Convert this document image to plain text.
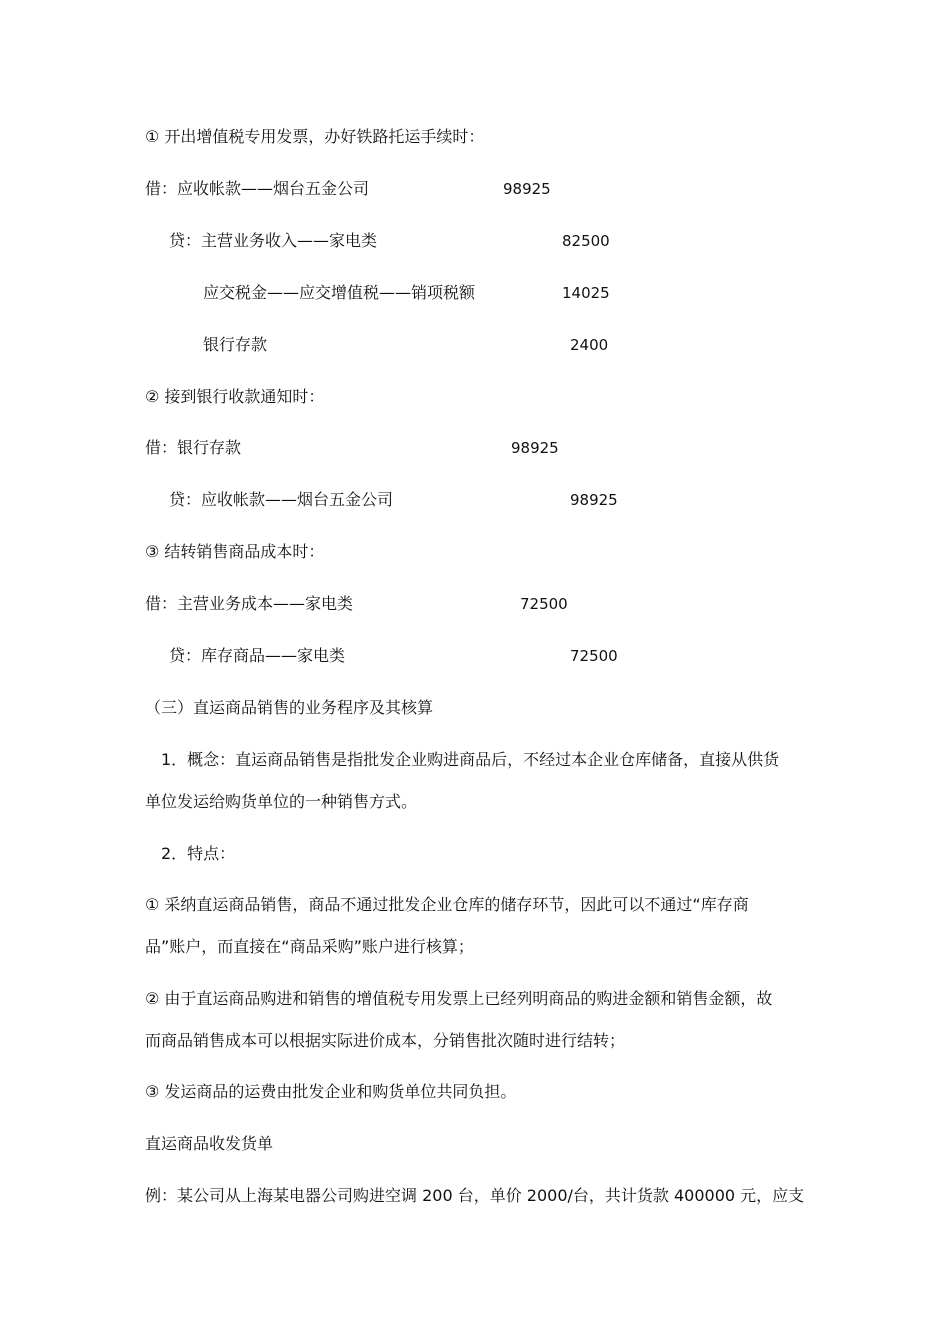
① 开出增值税专用发票，办好铁路托运手续时：
借：应收帐款——烟台五金公司	98925
贷：主营业务收入——家电类	82500
应交税金——应交增值税——销项税额	14025
银行存款	2400
② 接到银行收款通知时：
借：银行存款	98925
贷：应收帐款——烟台五金公司	98925
③ 结转销售商品成本时：
借：主营业务成本——家电类	72500
贷：库存商品——家电类	72500
（三）直运商品销售的业务程序及其核算
1．概念：直运商品销售是指批发企业购进商品后，不经过本企业仓库储备，直接从供货
单位发运给购货单位的一种销售方式。
2．特点：
① 采纳直运商品销售，商品不通过批发企业仓库的储存环节，因此可以不通过“库存商
品”账户，而直接在“商品采购”账户进行核算；
② 由于直运商品购进和销售的增值税专用发票上已经列明商品的购进金额和销售金额，故
而商品销售成本可以根据实际进价成本，分销售批次随时进行结转；
③ 发运商品的运费由批发企业和购货单位共同负担。
直运商品收发货单
例：某公司从上海某电器公司购进空调 200 台，单价 2000/台，共计货款 400000 元，应支
